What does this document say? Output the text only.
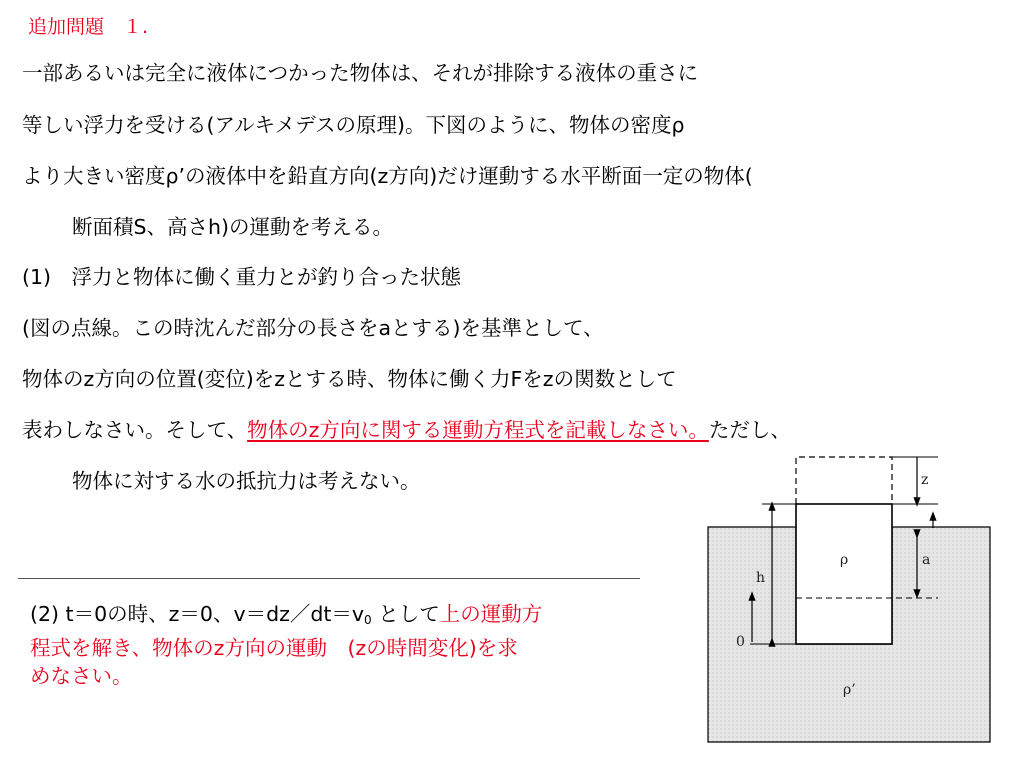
追加問題　１.
一部あるいは完全に液体につかった物体は、それが排除する液体の重さに
等しい浮力を受ける(アルキメデスの原理)。下図のように、物体の密度ρ
より大きい密度ρ’の液体中を鉛直方向(z方向)だけ運動する水平断面一定の物体(
断面積S、高さh)の運動を考える。
(1)　浮力と物体に働く重力とが釣り合った状態
(図の点線。この時沈んだ部分の長さをaとする)を基準として、
物体のz方向の位置(変位)をzとする時、物体に働く力Fをzの関数として
表わしなさい。そして、物体のz方向に関する運動方程式を記載しなさい。ただし、
物体に対する水の抵抗力は考えない。
(2) t＝0の時、z＝0、$v=dz/dt=v_0$ として上の運動方
程式を解き、物体のz方向の運動　(zの時間変化)を求
めなさい。
z
a
h
ρ
0
ρ’
